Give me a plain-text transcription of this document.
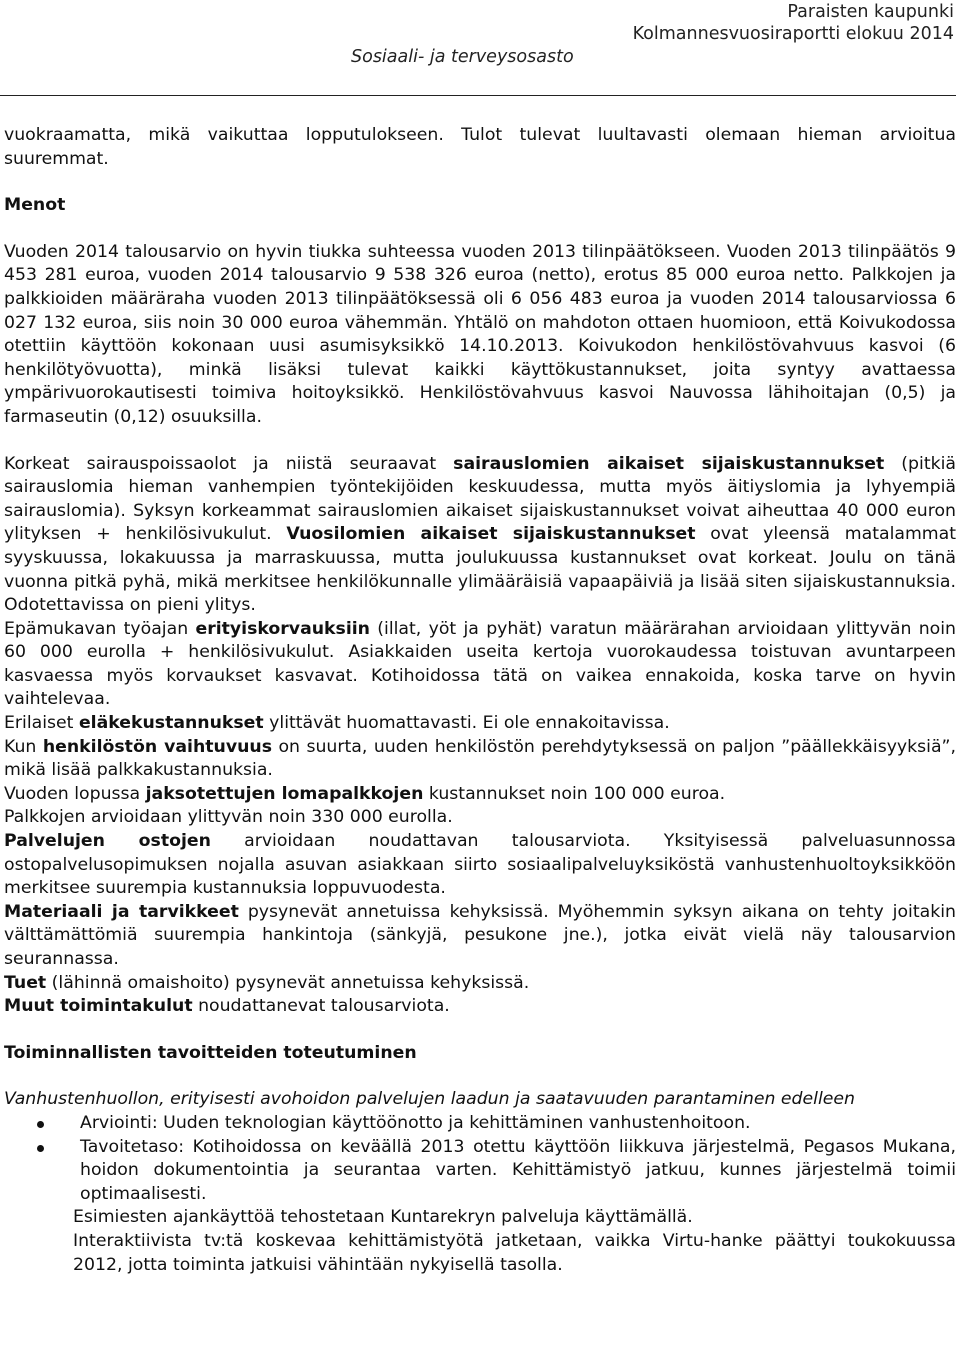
Paraisten kaupunki
Kolmannesvuosiraportti elokuu 2014
Sosiaali- ja terveysosasto

vuokraamatta, mikä vaikuttaa lopputulokseen. Tulot tulevat luultavasti olemaan hieman arvioitua suuremmat.

Menot

Vuoden 2014 talousarvio on hyvin tiukka suhteessa vuoden 2013 tilinpäätökseen. Vuoden 2013 tilinpäätös 9 453 281 euroa, vuoden 2014 talousarvio 9 538 326 euroa (netto), erotus 85 000 euroa netto. Palkkojen ja palkkioiden määräraha vuoden 2013 tilinpäätöksessä oli 6 056 483 euroa ja vuoden 2014 talousarviossa 6 027 132 euroa, siis noin 30 000 euroa vähemmän. Yhtälö on mahdoton ottaen huomioon, että Koivukodossa otettiin käyttöön kokonaan uusi asumisyksikkö 14.10.2013. Koivukodon henkilöstövahvuus kasvoi (6 henkilötyövuotta), minkä lisäksi tulevat kaikki käyttökustannukset, joita syntyy avattaessa ympärivuorokautisesti toimiva hoitoyksikkö. Henkilöstövahvuus kasvoi Nauvossa lähihoitajan (0,5) ja farmaseutin (0,12) osuuksilla.

Korkeat sairauspoissaolot ja niistä seuraavat sairauslomien aikaiset sijaiskustannukset (pitkiä sairauslomia hieman vanhempien työntekijöiden keskuudessa, mutta myös äitiyslomia ja lyhyempiä sairauslomia). Syksyn korkeammat sairauslomien aikaiset sijaiskustannukset voivat aiheuttaa 40 000 euron ylityksen + henkilösivukulut. Vuosilomien aikaiset sijaiskustannukset ovat yleensä matalammat syyskuussa, lokakuussa ja marraskuussa, mutta joulukuussa kustannukset ovat korkeat. Joulu on tänä vuonna pitkä pyhä, mikä merkitsee henkilökunnalle ylimääräisiä vapaapäiviä ja lisää siten sijaiskustannuksia. Odotettavissa on pieni ylitys.

Epämukavan työajan erityiskorvauksiin (illat, yöt ja pyhät) varatun määrärahan arvioidaan ylittyvän noin 60 000 eurolla + henkilösivukulut. Asiakkaiden useita kertoja vuorokaudessa toistuvan avuntarpeen kasvaessa myös korvaukset kasvavat. Kotihoidossa tätä on vaikea ennakoida, koska tarve on hyvin vaihtelevaa.

Erilaiset eläkekustannukset ylittävät huomattavasti. Ei ole ennakoitavissa.

Kun henkilöstön vaihtuvuus on suurta, uuden henkilöstön perehdytyksessä on paljon ”päällekkäisyyksiä”, mikä lisää palkkakustannuksia.

Vuoden lopussa jaksotettujen lomapalkkojen kustannukset noin 100 000 euroa.

Palkkojen arvioidaan ylittyvän noin 330 000 eurolla.

Palvelujen ostojen arvioidaan noudattavan talousarviota. Yksityisessä palveluasunnossa ostopalvelusopimuksen nojalla asuvan asiakkaan siirto sosiaalipalveluyksiköstä vanhustenhuoltoyksikköön merkitsee suurempia kustannuksia loppuvuodesta.

Materiaali ja tarvikkeet pysynevät annetuissa kehyksissä. Myöhemmin syksyn aikana on tehty joitakin välttämättömiä suurempia hankintoja (sänkyjä, pesukone jne.), jotka eivät vielä näy talousarvion seurannassa.

Tuet (lähinnä omaishoito) pysynevät annetuissa kehyksissä.

Muut toimintakulut noudattanevat talousarviota.

Toiminnallisten tavoitteiden toteutuminen

Vanhustenhuollon, erityisesti avohoidon palvelujen laadun ja saatavuuden parantaminen edelleen

Arviointi: Uuden teknologian käyttöönotto ja kehittäminen vanhustenhoitoon.
Tavoitetaso: Kotihoidossa on keväällä 2013 otettu käyttöön liikkuva järjestelmä, Pegasos Mukana, hoidon dokumentointia ja seurantaa varten. Kehittämistyö jatkuu, kunnes järjestelmä toimii optimaalisesti.

Esimiesten ajankäyttöä tehostetaan Kuntarekryn palveluja käyttämällä.

Interaktiivista tv:tä koskevaa kehittämistyötä jatketaan, vaikka Virtu-hanke päättyi toukokuussa 2012, jotta toiminta jatkuisi vähintään nykyisellä tasolla.
